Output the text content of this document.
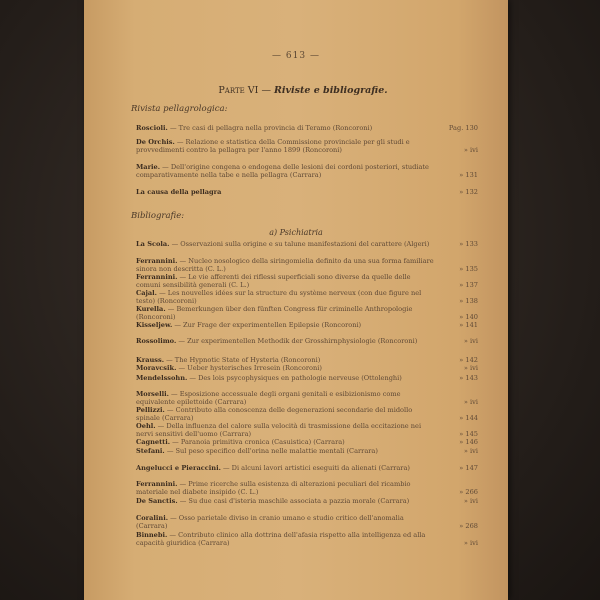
— 613 —
Parte VI — Riviste e bibliografie.
Rivista pellagrologica:
Roscioli. — Tre casi di pellagra nella provincia di Teramo (Roncoroni)	Pag. 130
De Orchis. — Relazione e statistica della Commissione provinciale per gli studi e provvedimenti contro la pellagra per l'anno 1899 (Roncoroni)	» ivi
Marie. — Dell'origine congena o endogena delle lesioni dei cordoni posteriori, studiate comparativamente nella tabe e nella pellagra (Carrara)	» 131
La causa della pellagra	» 132
Bibliografie:
a) Psichiatria
La Scola. — Osservazioni sulla origine e su talune manifestazioni del carattere (Algeri)	» 133
Ferrannini. — Nucleo nosologico della siringomielia definito da una sua forma familiare sinora non descritta (C. L.)	» 135
Ferrannini. — Le vie afferenti dei riflessi superficiali sono diverse da quelle delle comuni sensibilità generali (C. L.)	» 137
Cajal. — Les nouvelles idées sur la structure du système nerveux (con due figure nel testo) (Roncoroni)	» 138
Kurella. — Bemerkungen über den fünften Congress für criminelle Anthropologie (Roncoroni)	» 140
Kisseljew. — Zur Frage der experimentellen Epilepsie (Roncoroni)	» 141
Rossolimo. — Zur experimentellen Methodik der Grosshirnphysiologie (Roncoroni)	» ivi
Krauss. — The Hypnotic State of Hysteria (Roncoroni)	» 142
Moravcsik. — Ueber hysterisches Irresein (Roncoroni)	» ivi
Mendelssohn. — Des lois psycophysiques en pathologie nerveuse (Ottolenghi)	» 143
Morselli. — Esposizione accessuale degli organi genitali e esibizionismo come equivalente epilettoide (Carrara)	» ivi
Pellizzi. — Contributo alla conoscenza delle degenerazioni secondarie del midollo spinale (Carrara)	» 144
Oehl. — Della influenza del calore sulla velocità di trasmissione della eccitazione nei nervi sensitivi dell'uomo (Carrara)	» 145
Cagnetti. — Paranoia primitiva cronica (Casuistica) (Carrara)	» 146
Stefani. — Sul peso specifico dell'orina nelle malattie mentali (Carrara)	» ivi
Angelucci e Pieraccini. — Di alcuni lavori artistici eseguiti da alienati (Carrara)	» 147
Ferrannini. — Prime ricerche sulla esistenza di alterazioni peculiari del ricambio materiale nel diabete insipido (C. L.)	» 266
De Sanctis. — Su due casi d'isteria maschile associata a pazzia morale (Carrara)	» ivi
Coralini. — Osso parietale diviso in cranio umano e studio critico dell'anomalia (Carrara)	» 268
Binnebi. — Contributo clinico alla dottrina dell'afasia rispetto alla intelligenza ed alla capacità giuridica (Carrara)	» ivi
